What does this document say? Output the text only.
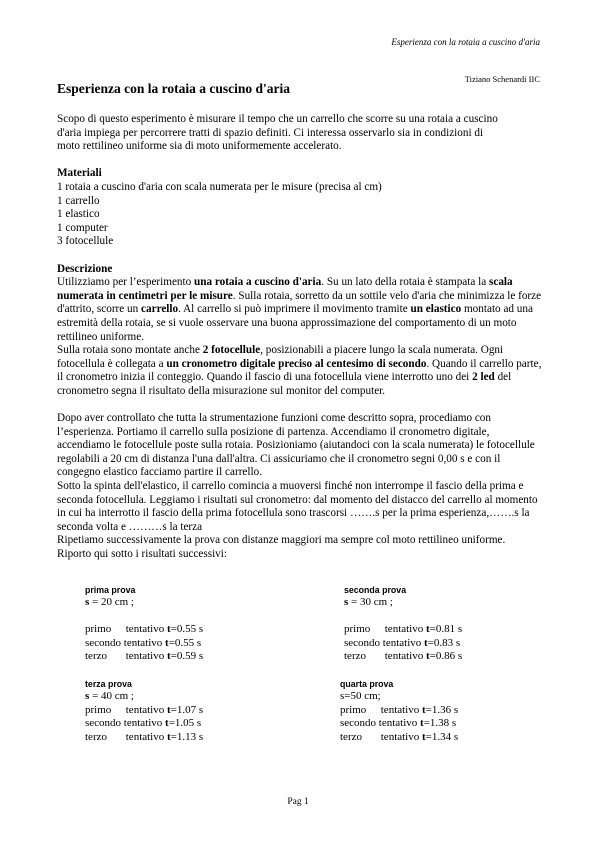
Esperienza con la rotaia a cuscino d'aria
Tiziano Schenardi IIC
Esperienza con la rotaia a cuscino d'aria

Scopo di questo esperimento è misurare il tempo che un carrello che scorre su una rotaia a cuscino

d'aria impiega per percorrere tratti di spazio definiti. Ci interessa osservarlo sia in condizioni di

moto rettilineo uniforme sia di moto uniformemente accelerato.

Materiali

1 rotaia a cuscino d'aria con scala numerata per le misure (precisa al cm)

1 carrello

1 elastico

1 computer

3 fotocellule

Descrizione

Utilizziamo per l’esperimento una rotaia a cuscino d'aria. Su un lato della rotaia è stampata la scala numerata in centimetri per le misure. Sulla rotaia, sorretto da un sottile velo d'aria che minimizza le forze d'attrito, scorre un carrello. Al carrello si può imprimere il movimento tramite un elastico montato ad una estremità della rotaia, se si vuole osservare una buona approssimazione del comportamento di un moto rettilineo uniforme.

Sulla rotaia sono montate anche 2 fotocellule, posizionabili a piacere lungo la scala numerata. Ogni fotocellula è collegata a un cronometro digitale preciso al centesimo di secondo. Quando il carrello parte, il cronometro inizia il conteggio. Quando il fascio di una fotocellula viene interrotto uno dei 2 led del cronometro segna il risultato della misurazione sul monitor del computer.

Dopo aver controllato che tutta la strumentazione funzioni come descritto sopra, procediamo con l’esperienza. Portiamo il carrello sulla posizione di partenza. Accendiamo il cronometro digitale, accendiamo le fotocellule poste sulla rotaia. Posizioniamo (aiutandoci con la scala numerata) le fotocellule regolabili a 20 cm di distanza l'una dall'altra. Ci assicuriamo che il cronometro segni 0,00 s e con il congegno elastico facciamo partire il carrello.

Sotto la spinta dell'elastico, il carrello comincia a muoversi finché non interrompe il fascio della prima e seconda fotocellula. Leggiamo i risultati sul cronometro: dal momento del distacco del carrello al momento in cui ha interrotto il fascio della prima fotocellula sono trascorsi …….s per la prima esperienza,…….s la seconda volta e ………s la terza

Ripetiamo successivamente la prova con distanze maggiori ma sempre col moto rettilineo uniforme.

Riporto qui sotto i risultati successivi:

prima prova
s = 20 cm ;
primo tentativo t=0.55 s
secondo tentativo t=0.55 s
terzo tentativo t=0.59 s
seconda prova
s = 30 cm ;
primo tentativo t=0.81 s
secondo tentativo t=0.83 s
terzo tentativo t=0.86 s
terza prova
s = 40 cm ;
primo tentativo t=1.07 s
secondo tentativo t=1.05 s
terzo tentativo t=1.13 s
quarta prova
s=50 cm;
primo tentativo t=1.36 s
secondo tentativo t=1.38 s
terzo tentativo t=1.34 s
Pag 1
